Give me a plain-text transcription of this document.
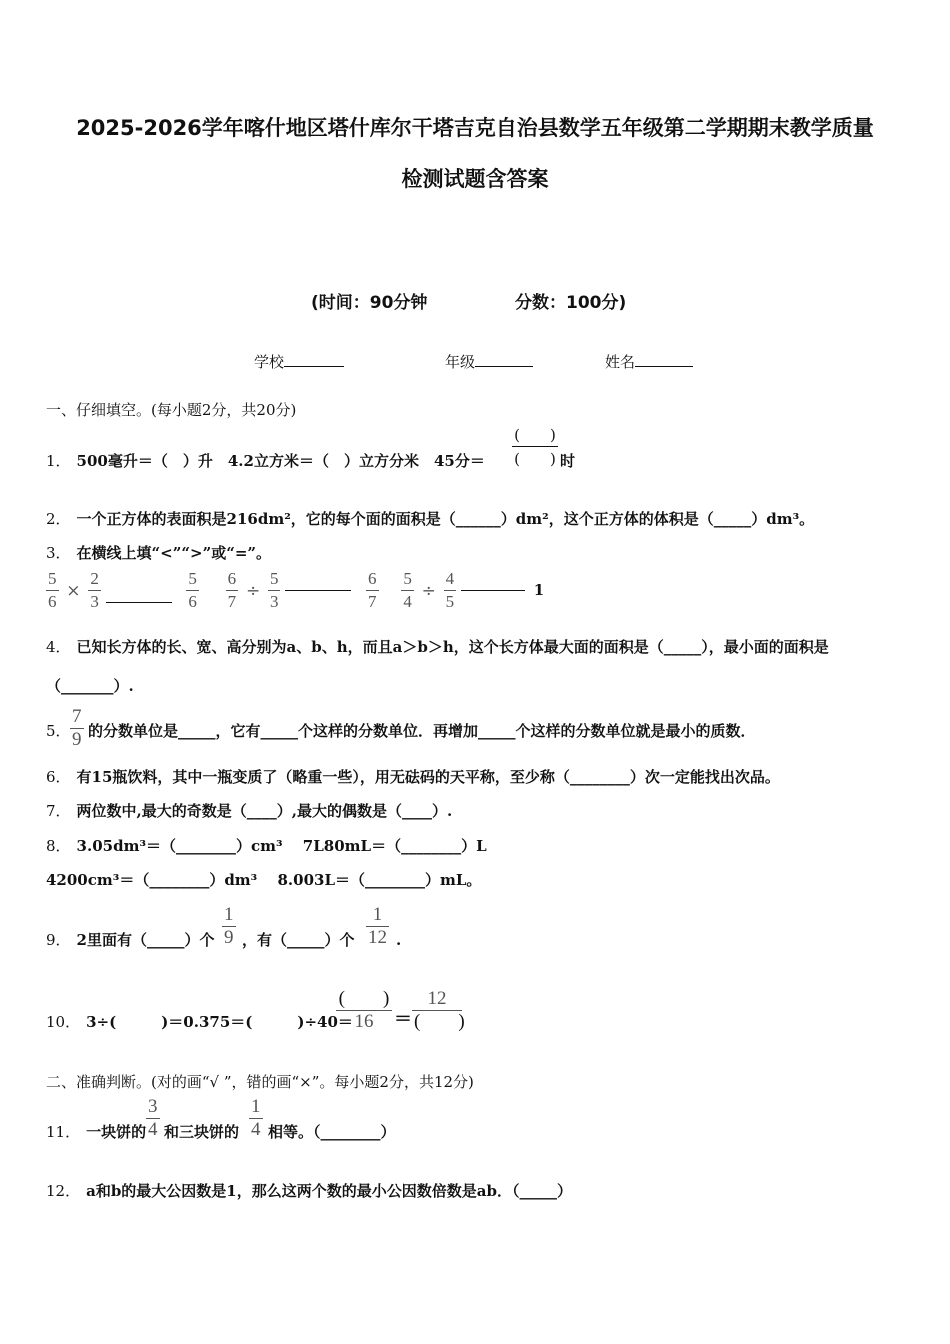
2025-2026学年喀什地区塔什库尔干塔吉克自治县数学五年级第二学期期末教学质量
检测试题含答案
(时间：90分钟	分数：100分)
学校	年级	姓名
一、仔细填空。(每小题2分，共20分)
1． 500毫升＝（　）升　4.2立方米＝（　）立方分米　45分＝
(　　)
(　　) 时
2． 一个正方体的表面积是216dm²，它的每个面的面积是（______）dm²，这个正方体的体积是（_____）dm³。
3． 在横线上填“<”“>”或“=”。
$\frac{5}{6} \times \frac{2}{3}$
	$\frac{5}{6}$
$\frac{6}{7} \div \frac{5}{3}$
	$\frac{6}{7}$
$\frac{5}{4} \div \frac{4}{5}$	1
4． 已知长方体的长、宽、高分别为a、b、h，而且a＞b＞h，这个长方体最大面的面积是（_____），最小面的面积是
（_______）.
5． $\frac{7}{9}$ 的分数单位是_____，它有_____个这样的分数单位．再增加_____个这样的分数单位就是最小的质数．
6． 有15瓶饮料，其中一瓶变质了（略重一些），用无砝码的天平称，至少称（________）次一定能找出次品。
7． 两位数中,最大的奇数是（____）,最大的偶数是（____）.
8． 3.05dm³＝（________）cm³　 7L80mL＝（________）L
4200cm³＝（________）dm³　 8.003L＝（________）mL。
9． 2里面有（_____）个 $\frac{1}{9}$ ，有（_____）个 $\frac{1}{12}$ .
10． 3÷(　　　)＝0.375＝(　　　)÷40＝
(　　)
16	＝
12
(　　)
二、准确判断。(对的画“√ ”，错的画“×”。每小题2分，共12分)
11． 一块饼的 $\frac{3}{4}$ 和三块饼的 $\frac{1}{4}$ 相等。（________）
12． a和b的最大公因数是1，那么这两个数的最小公因数倍数是ab．（_____）
